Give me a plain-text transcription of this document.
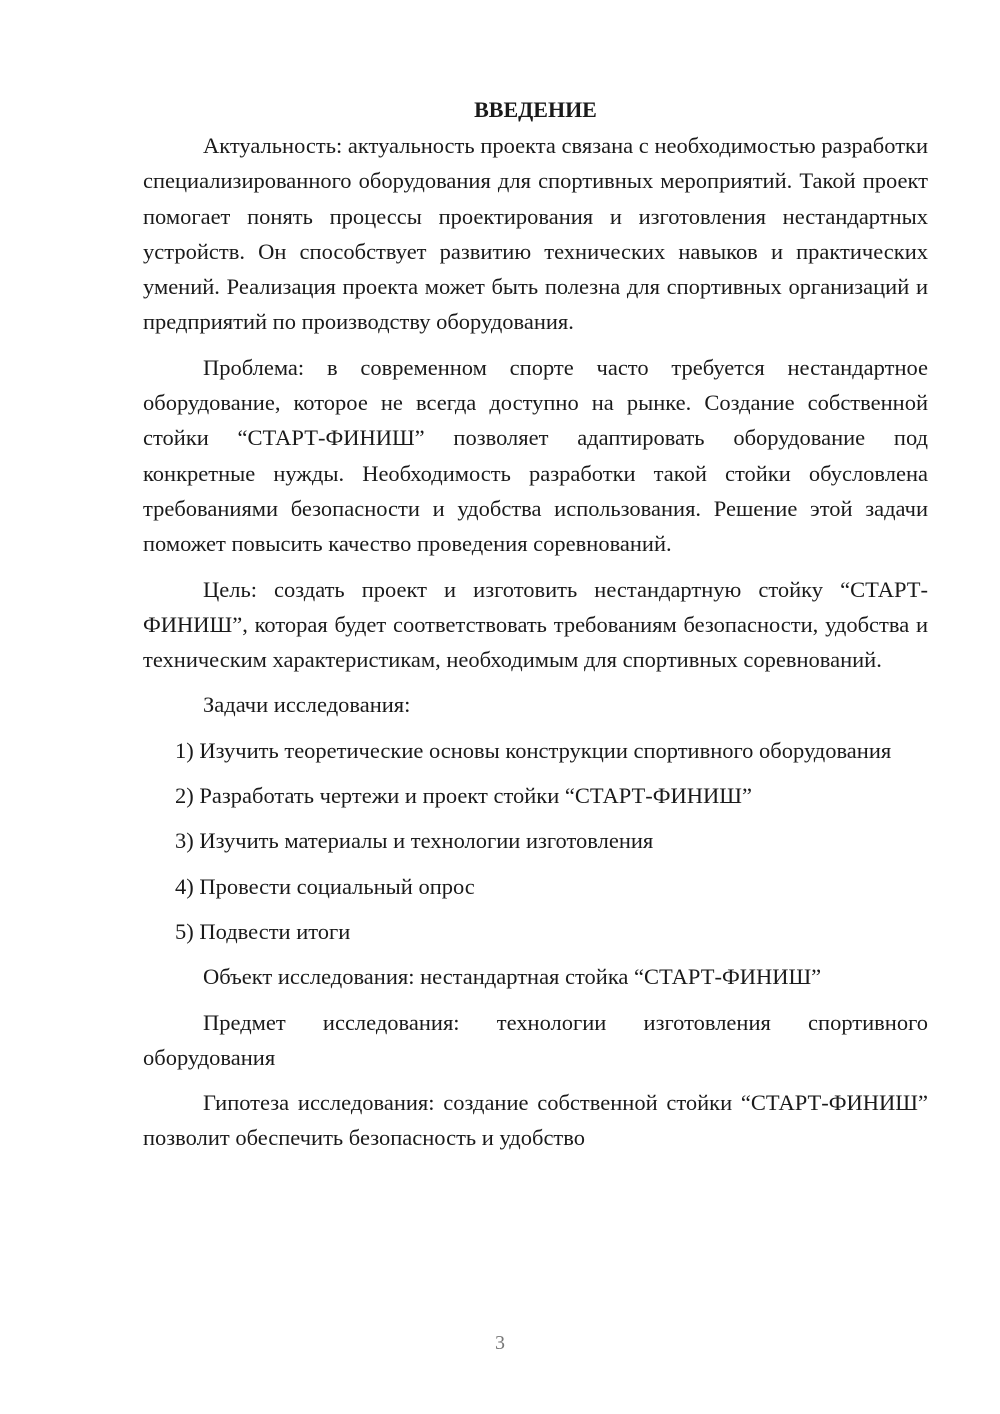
ВВЕДЕНИЕ

Актуальность: актуальность проекта связана с необходимостью разработки специализированного оборудования для спортивных мероприятий. Такой проект помогает понять процессы проектирования и изготовления нестандартных устройств. Он способствует развитию технических навыков и практических умений. Реализация проекта может быть полезна для спортивных организаций и предприятий по производству оборудования.

Проблема: в современном спорте часто требуется нестандартное оборудование, которое не всегда доступно на рынке. Создание собственной стойки “СТАРТ-ФИНИШ” позволяет адаптировать оборудование под конкретные нужды. Необходимость разработки такой стойки обусловлена требованиями безопасности и удобства использования. Решение этой задачи поможет повысить качество проведения соревнований.

Цель: создать проект и изготовить нестандартную стойку “СТАРТ-ФИНИШ”, которая будет соответствовать требованиям безопасности, удобства и техническим характеристикам, необходимым для спортивных соревнований.

Задачи исследования:

1) Изучить теоретические основы конструкции спортивного оборудования

2) Разработать чертежи и проект стойки “СТАРТ-ФИНИШ”

3) Изучить материалы и технологии изготовления

4) Провести социальный опрос

5) Подвести итоги

Объект исследования: нестандартная стойка “СТАРТ-ФИНИШ”

Предмет исследования: технологии изготовления спортивного оборудования

Гипотеза исследования: создание собственной стойки “СТАРТ-ФИНИШ” позволит обеспечить безопасность и удобство

3
